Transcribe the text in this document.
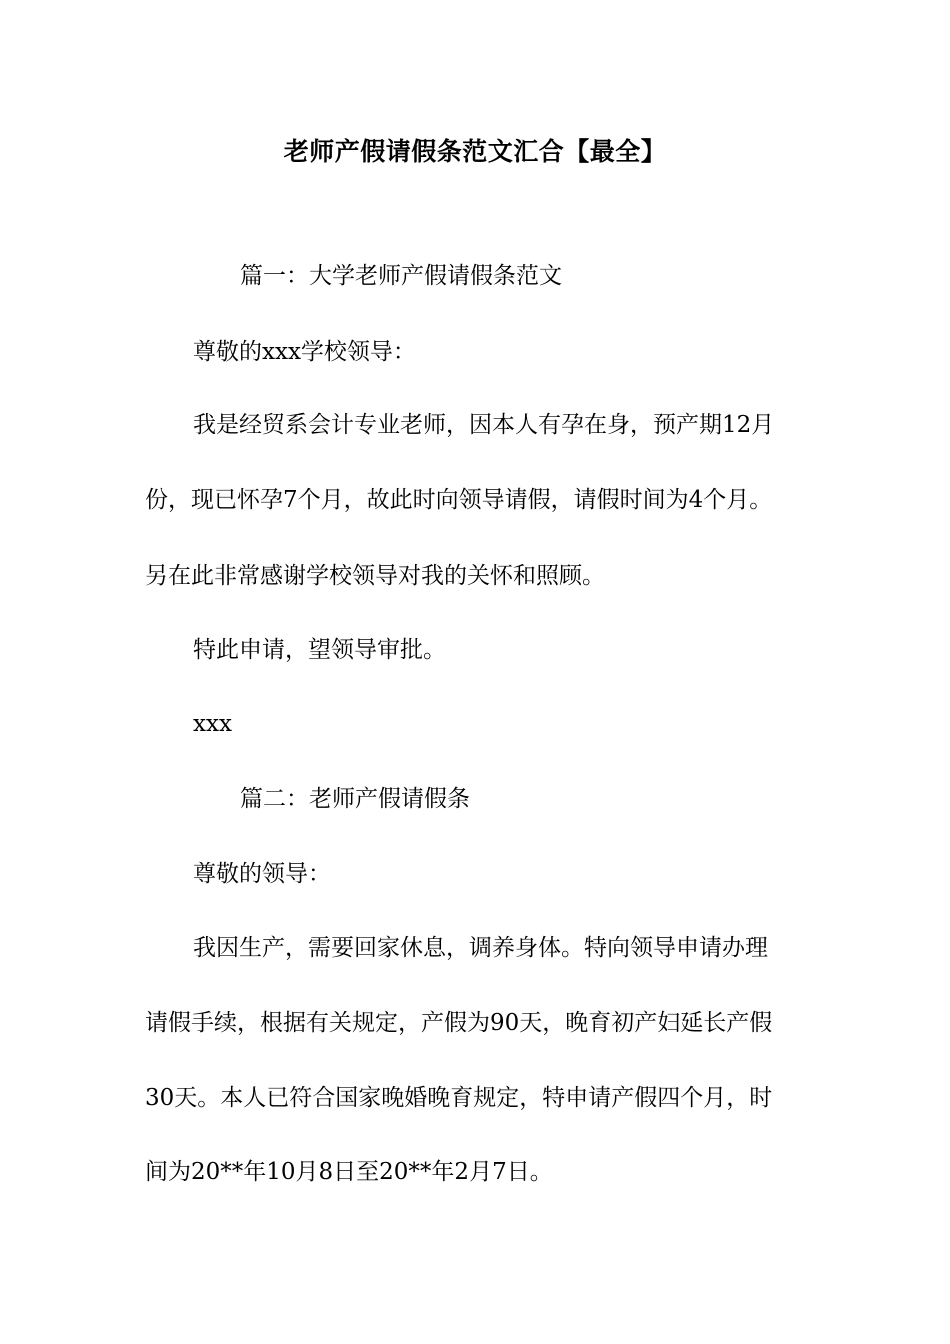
老师产假请假条范文汇合【最全】
篇一：大学老师产假请假条范文
尊敬的xxx学校领导：
我是经贸系会计专业老师，因本人有孕在身，预产期12月
份，现已怀孕7个月，故此时向领导请假，请假时间为4个月。
另在此非常感谢学校领导对我的关怀和照顾。
特此申请，望领导审批。
xxx
篇二：老师产假请假条
尊敬的领导：
我因生产，需要回家休息，调养身体。特向领导申请办理
请假手续，根据有关规定，产假为90天，晚育初产妇延长产假
30天。本人已符合国家晚婚晚育规定，特申请产假四个月，时
间为20**年10月8日至20**年2月7日。
